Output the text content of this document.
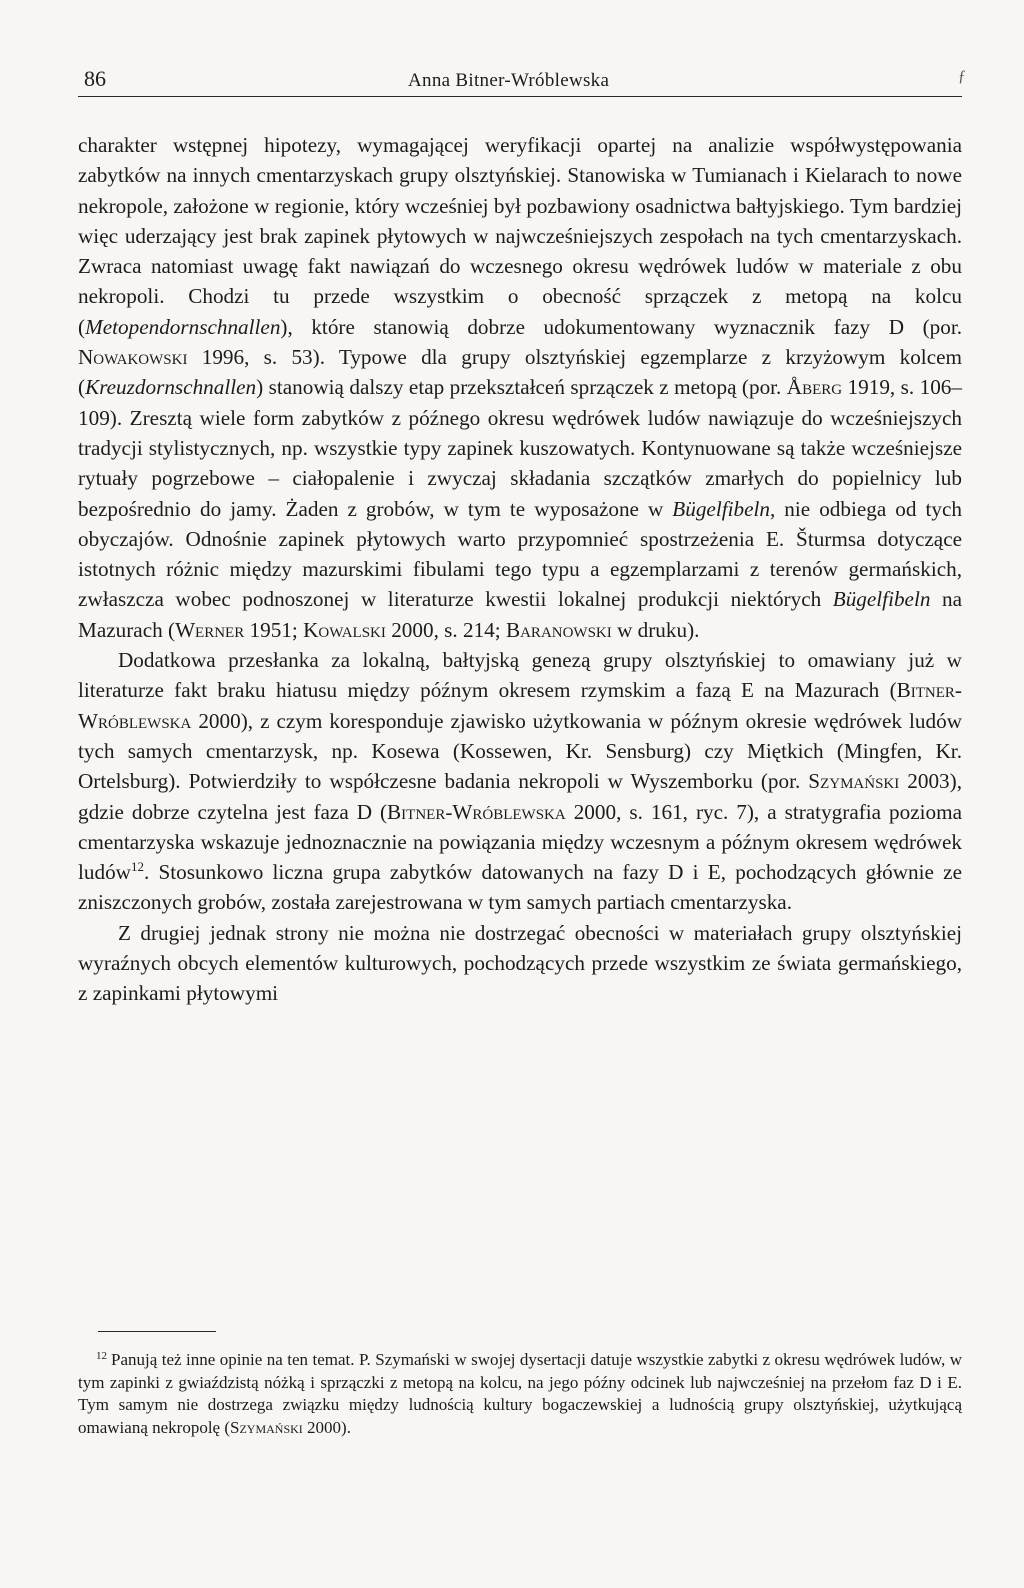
86	Anna Bitner-Wróblewska	ƒ

charakter wstępnej hipotezy, wymagającej weryfikacji opartej na analizie współwystępowania zabytków na innych cmentarzyskach grupy olsztyńskiej. Stanowiska w Tumianach i Kielarach to nowe nekropole, założone w regionie, który wcześniej był pozbawiony osadnictwa bałtyjskiego. Tym bardziej więc uderzający jest brak zapinek płytowych w najwcześniejszych zespołach na tych cmentarzyskach. Zwraca natomiast uwagę fakt nawiązań do wczesnego okresu wędrówek ludów w materiale z obu nekropoli. Chodzi tu przede wszystkim o obecność sprzączek z metopą na kolcu (Metopendornschnallen), które stanowią dobrze udokumentowany wyznacznik fazy D (por. Nowakowski 1996, s. 53). Typowe dla grupy olsztyńskiej egzemplarze z krzyżowym kolcem (Kreuzdornschnallen) stanowią dalszy etap przekształceń sprzączek z metopą (por. Åberg 1919, s. 106–109). Zresztą wiele form zabytków z późnego okresu wędrówek ludów nawiązuje do wcześniejszych tradycji stylistycznych, np. wszystkie typy zapinek kuszowatych. Kontynuowane są także wcześniejsze rytuały pogrzebowe – ciałopalenie i zwyczaj składania szczątków zmarłych do popielnicy lub bezpośrednio do jamy. Żaden z grobów, w tym te wyposażone w Bügelfibeln, nie odbiega od tych obyczajów. Odnośnie zapinek płytowych warto przypomnieć spostrzeżenia E. Šturmsa dotyczące istotnych różnic między mazurskimi fibulami tego typu a egzemplarzami z terenów germańskich, zwłaszcza wobec podnoszonej w literaturze kwestii lokalnej produkcji niektórych Bügelfibeln na Mazurach (Werner 1951; Kowalski 2000, s. 214; Baranowski w druku).

Dodatkowa przesłanka za lokalną, bałtyjską genezą grupy olsztyńskiej to omawiany już w literaturze fakt braku hiatusu między późnym okresem rzymskim a fazą E na Mazurach (Bitner-Wróblewska 2000), z czym koresponduje zjawisko użytkowania w późnym okresie wędrówek ludów tych samych cmentarzysk, np. Kosewa (Kossewen, Kr. Sensburg) czy Miętkich (Mingfen, Kr. Ortelsburg). Potwierdziły to współczesne badania nekropoli w Wyszemborku (por. Szymański 2003), gdzie dobrze czytelna jest faza D (Bitner-Wróblewska 2000, s. 161, ryc. 7), a stratygrafia poziomа cmentarzyska wskazuje jednoznacznie na powiązania między wczesnym a późnym okresem wędrówek ludów$^{12}$. Stosunkowo liczna grupa zabytków datowanych na fazy D i E, pochodzących głównie ze zniszczonych grobów, została zarejestrowana w tym samych partiach cmentarzyska.

Z drugiej jednak strony nie można nie dostrzegać obecności w materiałach grupy olsztyńskiej wyraźnych obcych elementów kulturowych, pochodzących przede wszystkim ze świata germańskiego, z zapinkami płytowymi

$^{12}$ Panują też inne opinie na ten temat. P. Szymański w swojej dysertacji datuje wszystkie zabytki z okresu wędrówek ludów, w tym zapinki z gwiaździstą nóżką i sprzączki z metopą na kolcu, na jego późny odcinek lub najwcześniej na przełom faz D i E. Tym samym nie dostrzega związku między ludnością kultury bogaczewskiej a ludnością grupy olsztyńskiej, użytkującą omawianą nekropolę (Szymański 2000).
